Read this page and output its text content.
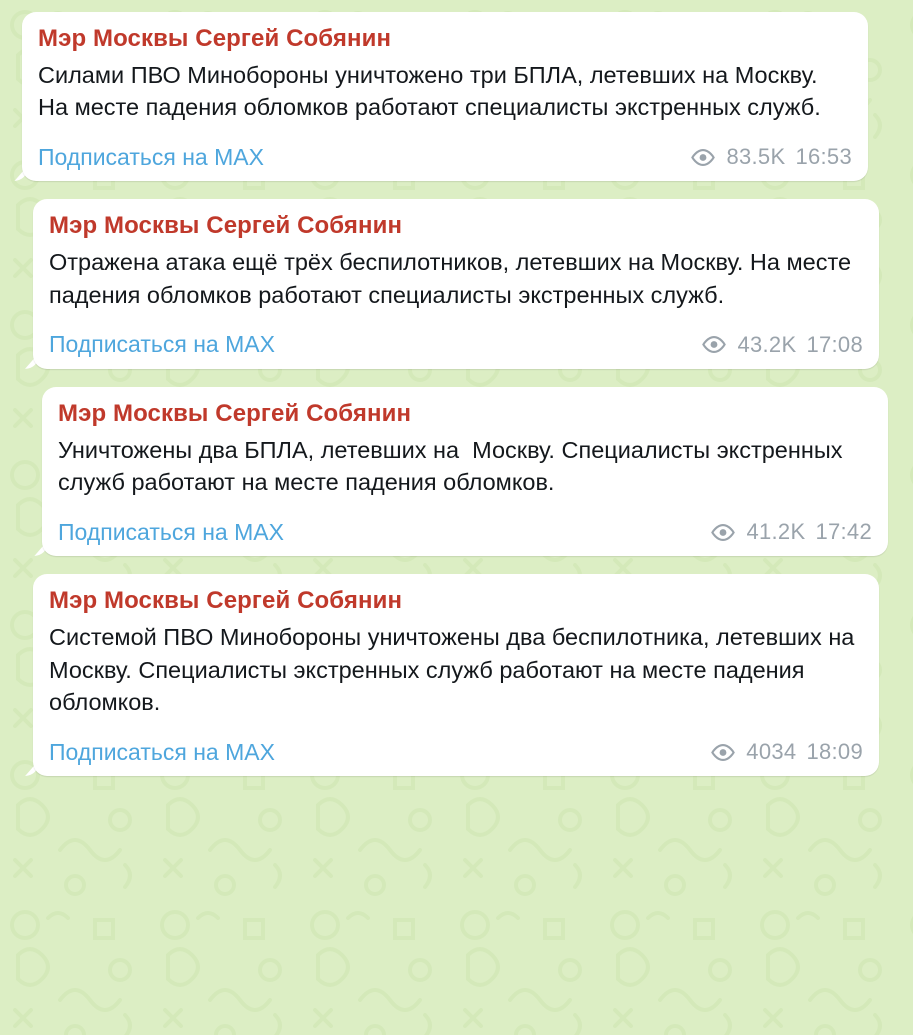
Мэр Москвы Сергей Собянин
Силами ПВО Минобороны уничтожено три БПЛА, летевших на Москву. На месте падения обломков работают специалисты экстренных служб.
Подписаться на MAX	83.5K 16:53
Мэр Москвы Сергей Собянин
Отражена атака ещё трёх беспилотников, летевших на Москву. На месте падения обломков работают специалисты экстренных служб.
Подписаться на MAX	43.2K 17:08
Мэр Москвы Сергей Собянин
Уничтожены два БПЛА, летевших на  Москву. Специалисты экстренных служб работают на месте падения обломков.
Подписаться на MAX	41.2K 17:42
Мэр Москвы Сергей Собянин
Системой ПВО Минобороны уничтожены два беспилотника, летевших на Москву. Специалисты экстренных служб работают на месте падения обломков.
Подписаться на MAX	4034 18:09
